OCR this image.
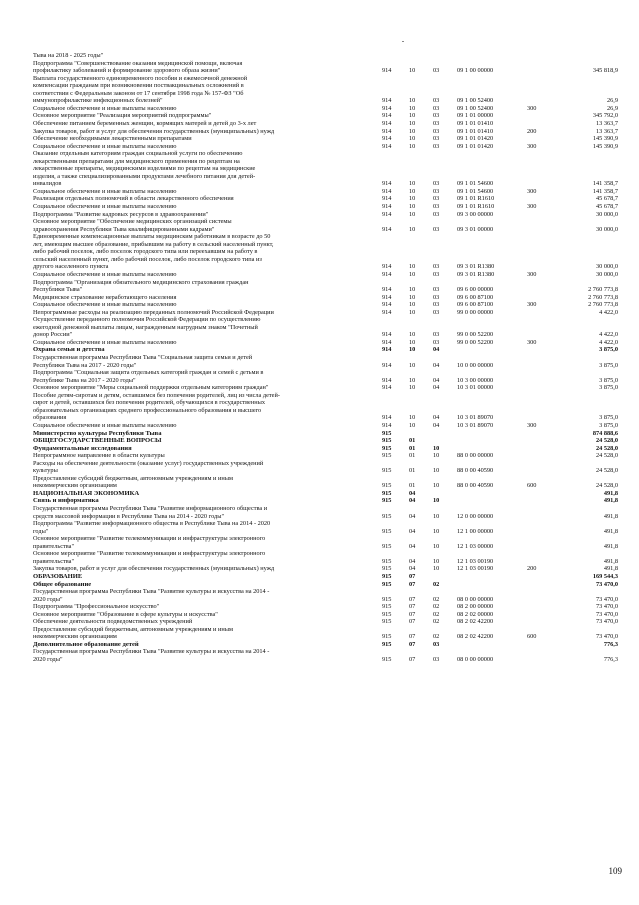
Тыва на 2018 - 2025 годы"
Подпрограмма "Совершенствование оказания медицинской помощи, включая
профилактику заболеваний и формирование здорового образа жизни"	914	10	03	09 1 00 00000	345 818,9
Выплата государственного единовременного пособия и ежемесячной денежной
компенсации гражданам при возникновении поствакцинальных осложнений в
соответствии с Федеральным законом от 17 сентября 1998 года № 157-ФЗ "Об
иммунопрофилактике инфекционных болезней"	914	10	03	09 1 00 52400	26,9
Социальное обеспечение и иные выплаты населению	914	10	03	09 1 00 52400	300	26,9
Основное мероприятие "Реализация мероприятий подпрограммы"	914	10	03	09 1 01 00000	345 792,0
Обеспечение питанием беременных женщин, кормящих матерей и детей до 3-х лет	914	10	03	09 1 01 01410	13 363,7
Закупка товаров, работ и услуг для обеспечения государственных (муниципальных) нужд	914	10	03	09 1 01 01410	200	13 363,7
Обеспечение необходимыми лекарственными препаратами	914	10	03	09 1 01 01420	145 390,9
Социальное обеспечение и иные выплаты населению	914	10	03	09 1 01 01420	300	145 390,9
Оказание отдельным категориям граждан социальной услуги по обеспечению
лекарственными препаратами для медицинского применения по рецептам на
лекарственные препараты, медицинскими изделиями по рецептам на медицинские
изделия, а также специализированными продуктами лечебного питания для детей-
инвалидов	914	10	03	09 1 01 54600	141 358,7
Социальное обеспечение и иные выплаты населению	914	10	03	09 1 01 54600	300	141 358,7
Реализация отдельных полномочий в области лекарственного обеспечения	914	10	03	09 1 01 R1610	45 678,7
Социальное обеспечение и иные выплаты населению	914	10	03	09 1 01 R1610	300	45 678,7
Подпрограмма "Развитие кадровых ресурсов в здравоохранении"	914	10	03	09 3 00 00000	30 000,0
Основное мероприятие "Обеспечение медицинских организаций системы
здравоохранения Республики Тыва квалифицированными кадрами"	914	10	03	09 3 01 00000	30 000,0
Единовременные компенсационные выплаты медицинским работникам в возрасте до 50
лет, имеющим высшее образование, прибывшим на работу в сельский населенный пункт,
либо рабочий поселок, либо поселок городского типа или переехавшим на работу в
сельский населенный пункт, либо рабочий поселок, либо поселок городского типа из
другого населенного пункта	914	10	03	09 3 01 R1380	30 000,0
Социальное обеспечение и иные выплаты населению	914	10	03	09 3 01 R1380	300	30 000,0
Подпрограмма "Организация обязательного медицинского страхования граждан
Республики Тыва"	914	10	03	09 6 00 00000	2 760 773,8
Медицинское страхование неработающего населения	914	10	03	09 6 00 87100	2 760 773,8
Социальное обеспечение и иные выплаты населению	914	10	03	09 6 00 87100	300	2 760 773,8
Непрограммные расходы на реализацию переданных полномочий Российской Федерации	914	10	03	99 0 00 00000	4 422,0
Осуществление переданного полномочия Российской Федерации по осуществлению
ежегодной денежной выплаты лицам, награжденным нагрудным знаком "Почетный
донор России"	914	10	03	99 0 00 52200	4 422,0
Социальное обеспечение и иные выплаты населению	914	10	03	99 0 00 52200	300	4 422,0
Охрана семьи и детства	914	10	04	3 875,0
Государственная программа Республики Тыва "Социальная защита семьи и детей
Республики Тыва на 2017 - 2020 годы"	914	10	04	10 0 00 00000	3 875,0
Подпрограмма "Социальная защита отдельных категорий граждан и семей с детьми в
Республике Тыва на 2017 - 2020 годы"	914	10	04	10 3 00 00000	3 875,0
Основное мероприятие "Меры социальной поддержки отдельным категориям граждан"	914	10	04	10 3 01 00000	3 875,0
Пособие детям-сиротам и детям, оставшимся без попечения родителей, лиц из числа детей-
сирот и детей, оставшихся без попечения родителей, обучающихся в государственных
образовательных организациях среднего профессионального образования и высшего
образования	914	10	04	10 3 01 89070	3 875,0
Социальное обеспечение и иные выплаты населению	914	10	04	10 3 01 89070	300	3 875,0
Министерство культуры Республики Тыва	915	874 888,6
ОБЩЕГОСУДАРСТВЕННЫЕ ВОПРОСЫ	915	01	24 528,0
Фундаментальные исследования	915	01	10	24 528,0
Непрограммное направление в области культуры	915	01	10	88 0 00 00000	24 528,0
Расходы на обеспечение деятельности (оказание услуг) государственных учреждений
культуры	915	01	10	88 0 00 40590	24 528,0
Предоставление субсидий бюджетным, автономным учреждениям и иным
некоммерческим организациям	915	01	10	88 0 00 40590	600	24 528,0
НАЦИОНАЛЬНАЯ ЭКОНОМИКА	915	04	491,8
Связь и информатика	915	04	10	491,8
Государственная программа Республики Тыва "Развитие информационного общества и
средств массовой информации в Республике Тыва на 2014 - 2020 годы"	915	04	10	12 0 00 00000	491,8
Подпрограмма "Развитие информационного общества в Республике Тыва на 2014 - 2020
годы"	915	04	10	12 1 00 00000	491,8
Основное мероприятие "Развитие телекоммуникации и инфраструктуры электронного
правительства"	915	04	10	12 1 03 00000	491,8
Основное мероприятие "Развитие телекоммуникации и инфраструктуры электронного
правительства"	915	04	10	12 1 03 00190	491,8
Закупка товаров, работ и услуг для обеспечения государственных (муниципальных) нужд	915	04	10	12 1 03 00190	200	491,8
ОБРАЗОВАНИЕ	915	07	169 544,3
Общее образование	915	07	02	73 470,0
Государственная программа Республики Тыва "Развитие культуры и искусства на 2014 -
2020 годы"	915	07	02	08 0 00 00000	73 470,0
Подпрограмма "Профессиональное искусство"	915	07	02	08 2 00 00000	73 470,0
Основное мероприятие "Образование в сфере культуры и искусства"	915	07	02	08 2 02 00000	73 470,0
Обеспечение деятельности подведомственных учреждений	915	07	02	08 2 02 42200	73 470,0
Предоставление субсидий бюджетным, автономным учреждениям и иным
некоммерческим организациям	915	07	02	08 2 02 42200	600	73 470,0
Дополнительное образование детей	915	07	03	776,3
Государственная программа Республики Тыва "Развитие культуры и искусства на 2014 -
2020 годы"	915	07	03	08 0 00 00000	776,3
109
